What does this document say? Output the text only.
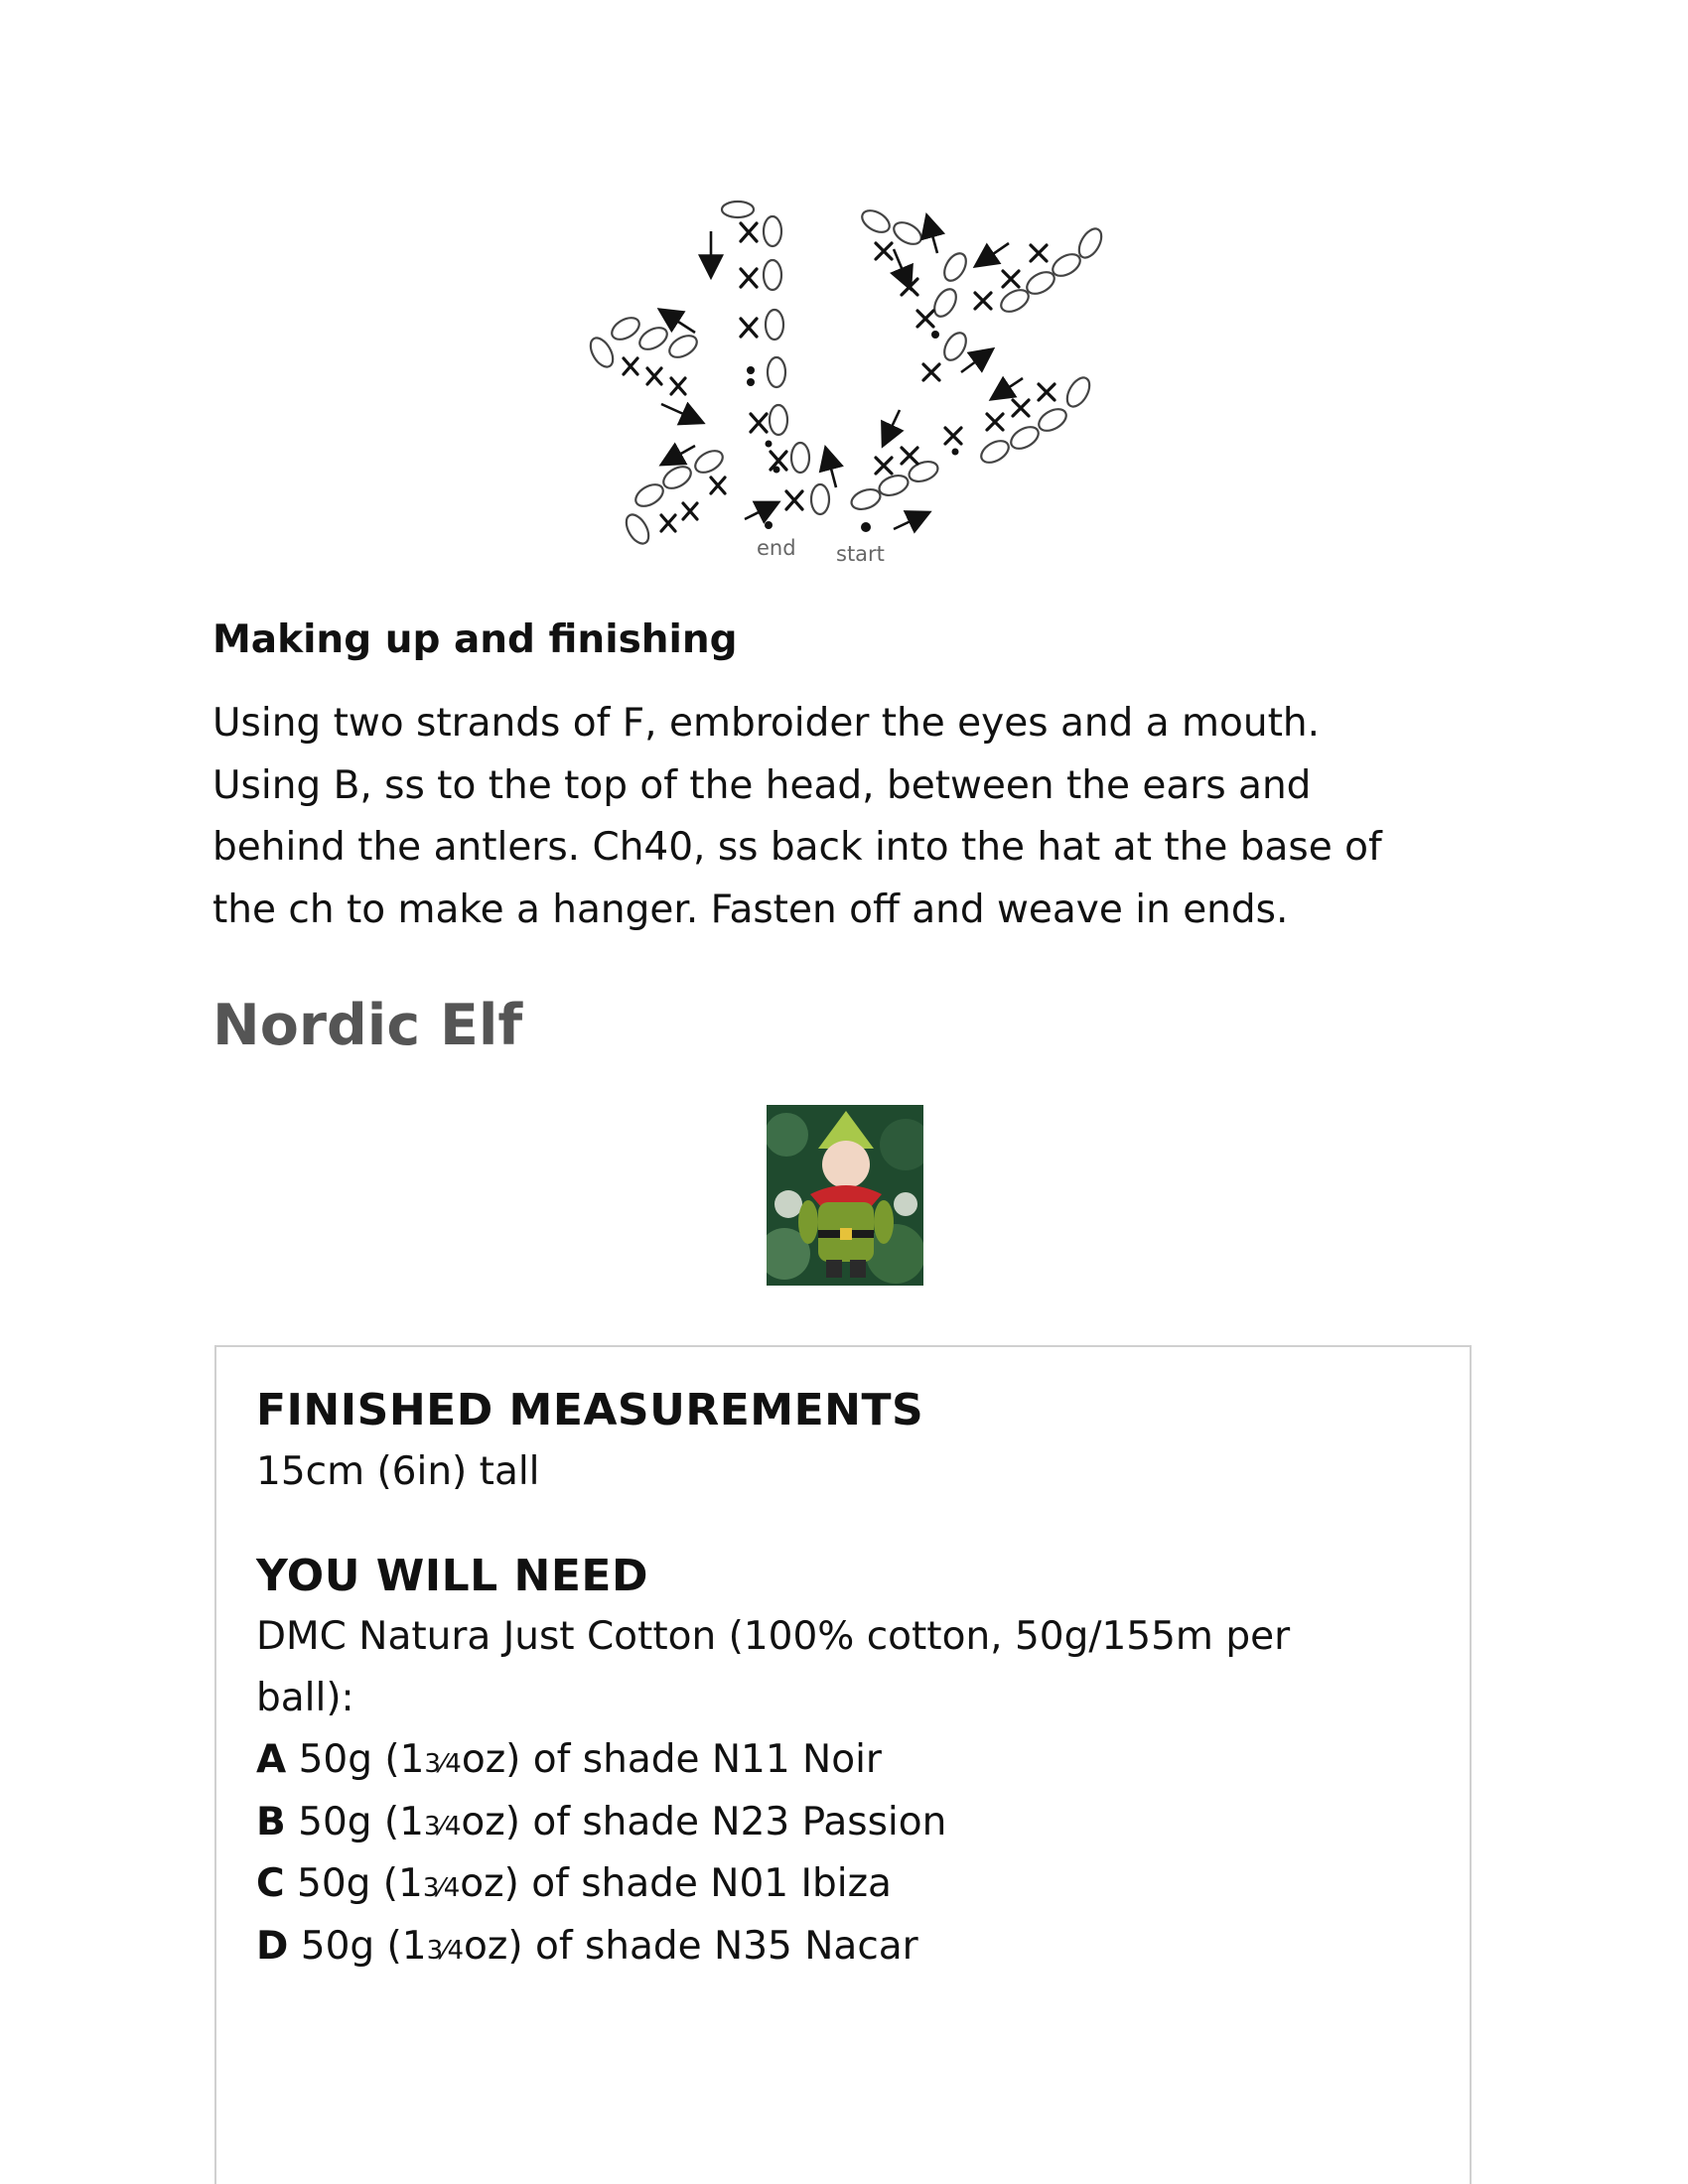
end start
Making up and finishing

Using two strands of F, embroider the eyes and a mouth.
Using B, ss to the top of the head, between the ears and
behind the antlers. Ch40, ss back into the hat at the base of
the ch to make a hanger. Fasten off and weave in ends.

Nordic Elf
FINISHED MEASUREMENTS

15cm (6in) tall

YOU WILL NEED

DMC Natura Just Cotton (100% cotton, 50g/155m per

ball):

A 50g (13⁄4oz) of shade N11 Noir

B 50g (13⁄4oz) of shade N23 Passion

C 50g (13⁄4oz) of shade N01 Ibiza

D 50g (13⁄4oz) of shade N35 Nacar
